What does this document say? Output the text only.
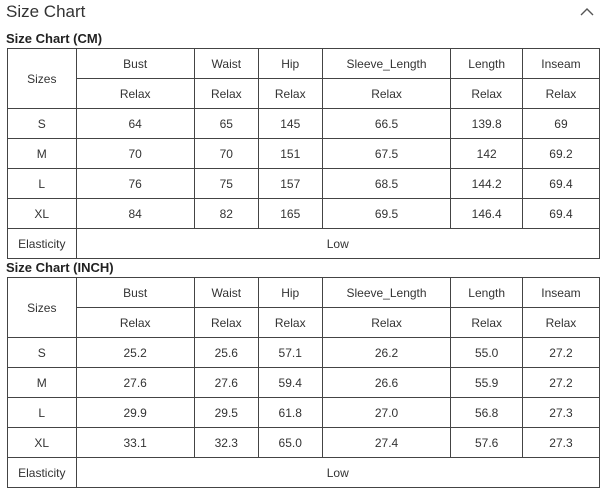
Size Chart
Size Chart (CM)
Sizes	Bust	Waist	Hip	Sleeve_Length	Length	Inseam
	Relax	Relax	Relax	Relax	Relax	Relax
S	64	65	145	66.5	139.8	69
M	70	70	151	67.5	142	69.2
L	76	75	157	68.5	144.2	69.4
XL	84	82	165	69.5	146.4	69.4
Elasticity	Low					
Size Chart (INCH)
Sizes	Bust	Waist	Hip	Sleeve_Length	Length	Inseam
	Relax	Relax	Relax	Relax	Relax	Relax
S	25.2	25.6	57.1	26.2	55.0	27.2
M	27.6	27.6	59.4	26.6	55.9	27.2
L	29.9	29.5	61.8	27.0	56.8	27.3
XL	33.1	32.3	65.0	27.4	57.6	27.3
Elasticity	Low					
